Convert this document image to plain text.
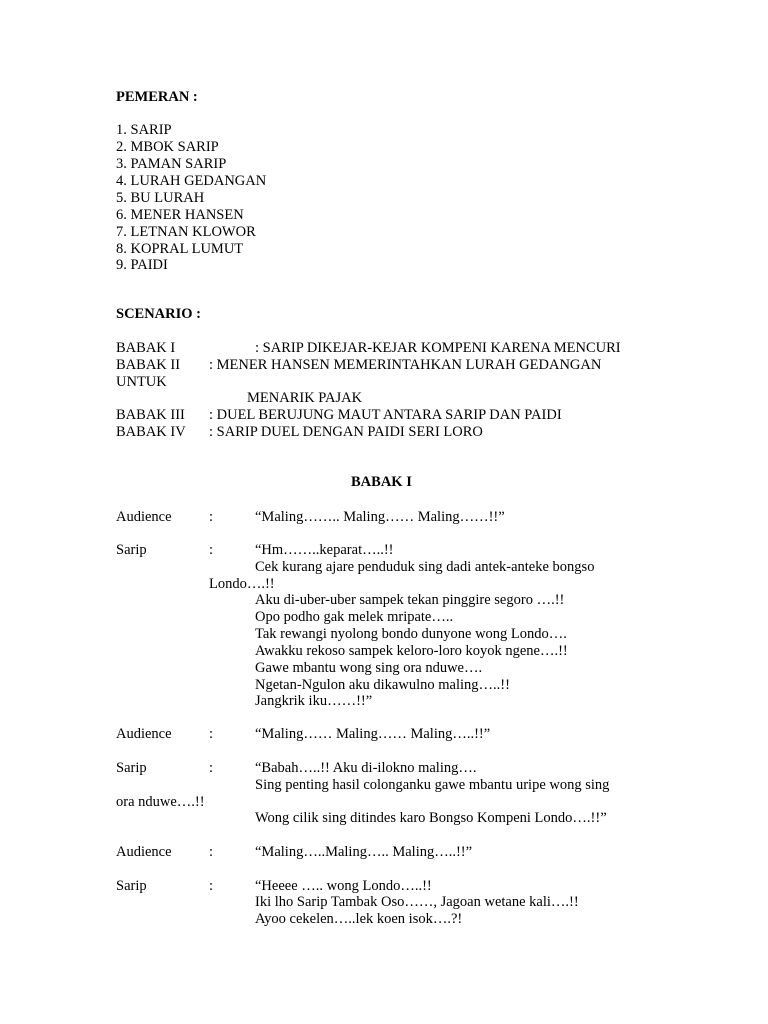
PEMERAN :
1. SARIP
2. MBOK SARIP
3. PAMAN SARIP
4. LURAH GEDANGAN
5. BU LURAH
6. MENER HANSEN
7. LETNAN KLOWOR
8. KOPRAL LUMUT
9. PAIDI
SCENARIO :
BABAK I	: SARIP DIKEJAR-KEJAR KOMPENI KARENA MENCURI
BABAK II : MENER HANSEN MEMERINTAHKAN LURAH GEDANGAN
UNTUK
MENARIK PAJAK
BABAK III : DUEL BERUJUNG MAUT ANTARA SARIP DAN PAIDI
BABAK IV : SARIP DUEL DENGAN PAIDI SERI LORO
BABAK I
Audience	:	“Maling…….. Maling…… Maling……!!”
Sarip	:	“Hm……..keparat…..!!
Cek kurang ajare penduduk sing dadi antek-anteke bongso
Londo….!!
Aku di-uber-uber sampek tekan pinggire segoro ….!!
Opo podho gak melek mripate…..
Tak rewangi nyolong bondo dunyone wong Londo….
Awakku rekoso sampek keloro-loro koyok ngene….!!
Gawe mbantu wong sing ora nduwe….
Ngetan-Ngulon aku dikawulno maling…..!!
Jangkrik iku……!!”
Audience	:	“Maling…… Maling…… Maling…..!!”
Sarip	:	“Babah…..!! Aku di-ilokno maling….
Sing penting hasil colonganku gawe mbantu uripe wong sing
ora nduwe….!!
Wong cilik sing ditindes karo Bongso Kompeni Londo….!!”
Audience	:	“Maling…..Maling….. Maling…..!!”
Sarip	:	“Heeee ….. wong Londo…..!!
Iki lho Sarip Tambak Oso……, Jagoan wetane kali….!!
Ayoo cekelen…..lek koen isok….?!
